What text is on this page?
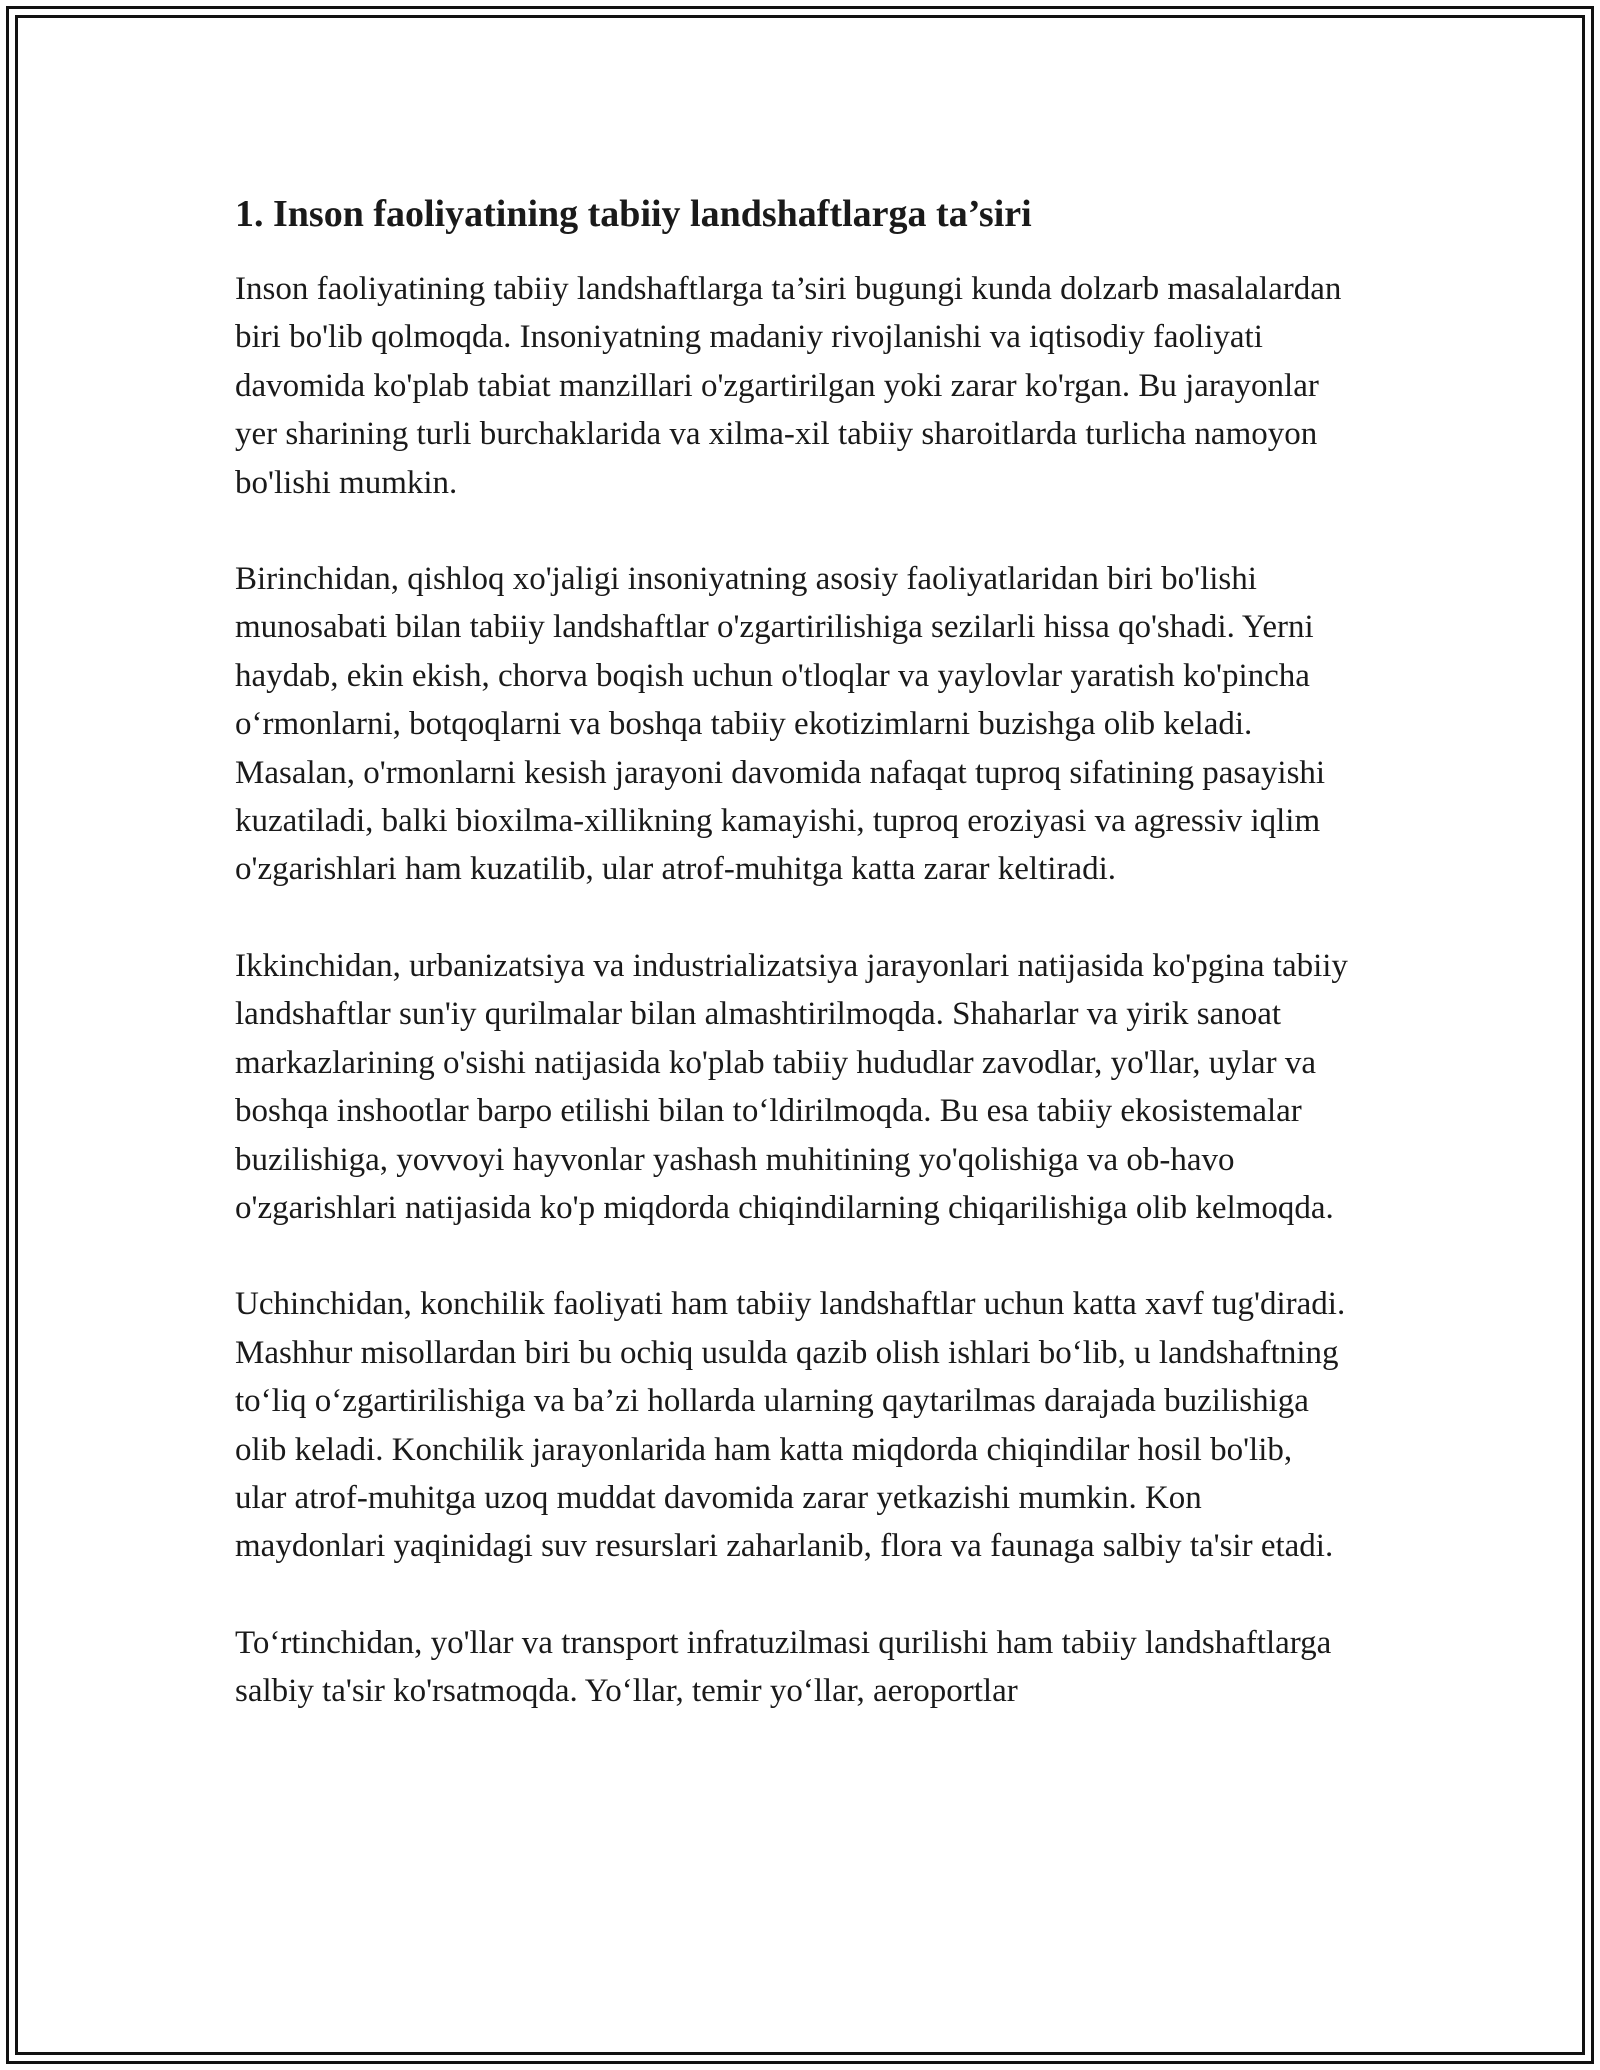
1. Inson faoliyatining tabiiy landshaftlarga ta’siri

Inson faoliyatining tabiiy landshaftlarga ta’siri bugungi kunda dolzarb masalalardan biri bo'lib qolmoqda. Insoniyatning madaniy rivojlanishi va iqtisodiy faoliyati davomida ko'plab tabiat manzillari o'zgartirilgan yoki zarar ko'rgan. Bu jarayonlar yer sharining turli burchaklarida va xilma-xil tabiiy sharoitlarda turlicha namoyon bo'lishi mumkin.

Birinchidan, qishloq xo'jaligi insoniyatning asosiy faoliyatlaridan biri bo'lishi munosabati bilan tabiiy landshaftlar o'zgartirilishiga sezilarli hissa qo'shadi. Yerni haydab, ekin ekish, chorva boqish uchun o'tloqlar va yaylovlar yaratish ko'pincha o‘rmonlarni, botqoqlarni va boshqa tabiiy ekotizimlarni buzishga olib keladi. Masalan, o'rmonlarni kesish jarayoni davomida nafaqat tuproq sifatining pasayishi kuzatiladi, balki bioxilma-xillikning kamayishi, tuproq eroziyasi va agressiv iqlim o'zgarishlari ham kuzatilib, ular atrof-muhitga katta zarar keltiradi.

Ikkinchidan, urbanizatsiya va industrializatsiya jarayonlari natijasida ko'pgina tabiiy landshaftlar sun'iy qurilmalar bilan almashtirilmoqda. Shaharlar va yirik sanoat markazlarining o'sishi natijasida ko'plab tabiiy hududlar zavodlar, yo'llar, uylar va boshqa inshootlar barpo etilishi bilan to‘ldirilmoqda. Bu esa tabiiy ekosistemalar buzilishiga, yovvoyi hayvonlar yashash muhitining yo'qolishiga va ob-havo o'zgarishlari natijasida ko'p miqdorda chiqindilarning chiqarilishiga olib kelmoqda.

Uchinchidan, konchilik faoliyati ham tabiiy landshaftlar uchun katta xavf tug'diradi. Mashhur misollardan biri bu ochiq usulda qazib olish ishlari bo‘lib, u landshaftning to‘liq o‘zgartirilishiga va ba’zi hollarda ularning qaytarilmas darajada buzilishiga olib keladi. Konchilik jarayonlarida ham katta miqdorda chiqindilar hosil bo'lib, ular atrof-muhitga uzoq muddat davomida zarar yetkazishi mumkin. Kon maydonlari yaqinidagi suv resurslari zaharlanib, flora va faunaga salbiy ta'sir etadi.

To‘rtinchidan, yo'llar va transport infratuzilmasi qurilishi ham tabiiy landshaftlarga salbiy ta'sir ko'rsatmoqda. Yo‘llar, temir yo‘llar, aeroportlar
